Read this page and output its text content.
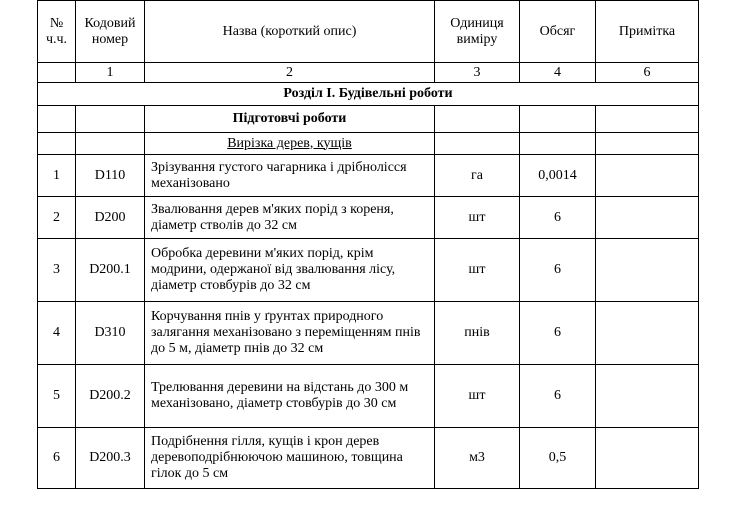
№ ч.ч.	Кодовий номер	Назва (короткий опис)	Одиниця виміру	Обсяг	Примітка
	1	2	3	4	6
Розділ І. Будівельні роботи					
		Підготовчі роботи			
		Вирізка дерев, кущів			
1	D110	Зрізування густого чагарника і дрібнолісся механізовано	га	0,0014	
2	D200	Звалювання дерев м'яких порід з кореня, діаметр стволів до 32 см	шт	6	
3	D200.1	Обробка деревини м'яких порід, крім модрини, одержаної від звалювання лісу, діаметр стовбурів до 32 см	шт	6	
4	D310	Корчування пнів у ґрунтах природного залягання механізовано з переміщенням пнів до 5 м, діаметр пнів до 32 см	пнів	6	
5	D200.2	Трелювання деревини на відстань до 300 м механізовано, діаметр стовбурів до 30 см	шт	6	
6	D200.3	Подрібнення гілля, кущів і крон дерев деревоподрібнюючою машиною, товщина гілок до 5 см	м3	0,5	
